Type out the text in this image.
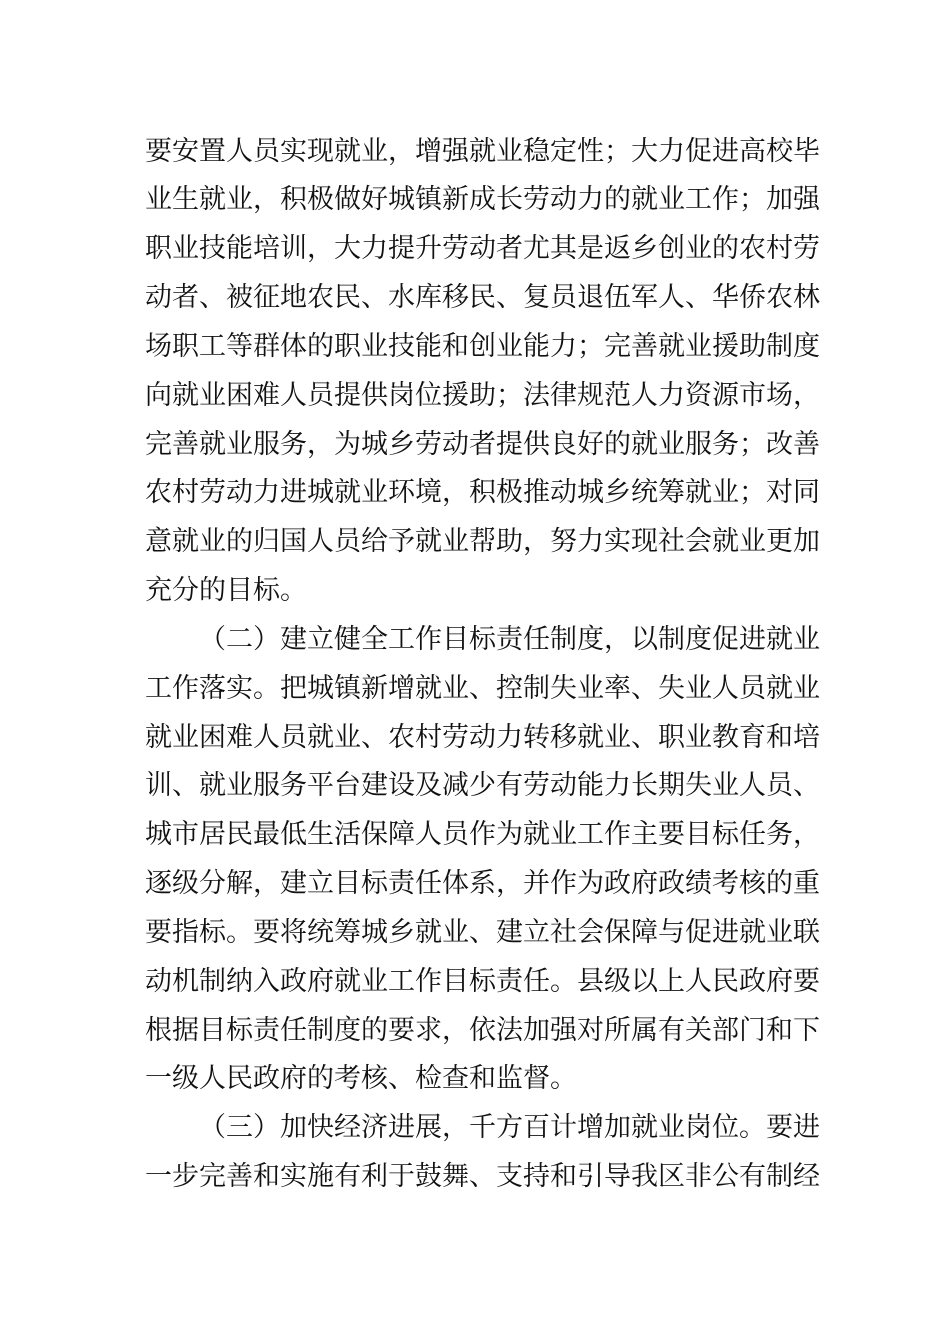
要安置人员实现就业，增强就业稳定性；大力促进高校毕
业生就业，积极做好城镇新成长劳动力的就业工作；加强
职业技能培训，大力提升劳动者尤其是返乡创业的农村劳
动者、被征地农民、水库移民、复员退伍军人、华侨农林
场职工等群体的职业技能和创业能力；完善就业援助制度
向就业困难人员提供岗位援助；法律规范人力资源市场，
完善就业服务，为城乡劳动者提供良好的就业服务；改善
农村劳动力进城就业环境，积极推动城乡统筹就业；对同
意就业的归国人员给予就业帮助，努力实现社会就业更加
充分的目标。
（二）建立健全工作目标责任制度，以制度促进就业
工作落实。把城镇新增就业、控制失业率、失业人员就业
就业困难人员就业、农村劳动力转移就业、职业教育和培
训、就业服务平台建设及减少有劳动能力长期失业人员、
城市居民最低生活保障人员作为就业工作主要目标任务，
逐级分解，建立目标责任体系，并作为政府政绩考核的重
要指标。要将统筹城乡就业、建立社会保障与促进就业联
动机制纳入政府就业工作目标责任。县级以上人民政府要
根据目标责任制度的要求，依法加强对所属有关部门和下
一级人民政府的考核、检查和监督。
（三）加快经济进展，千方百计增加就业岗位。要进
一步完善和实施有利于鼓舞、支持和引导我区非公有制经
